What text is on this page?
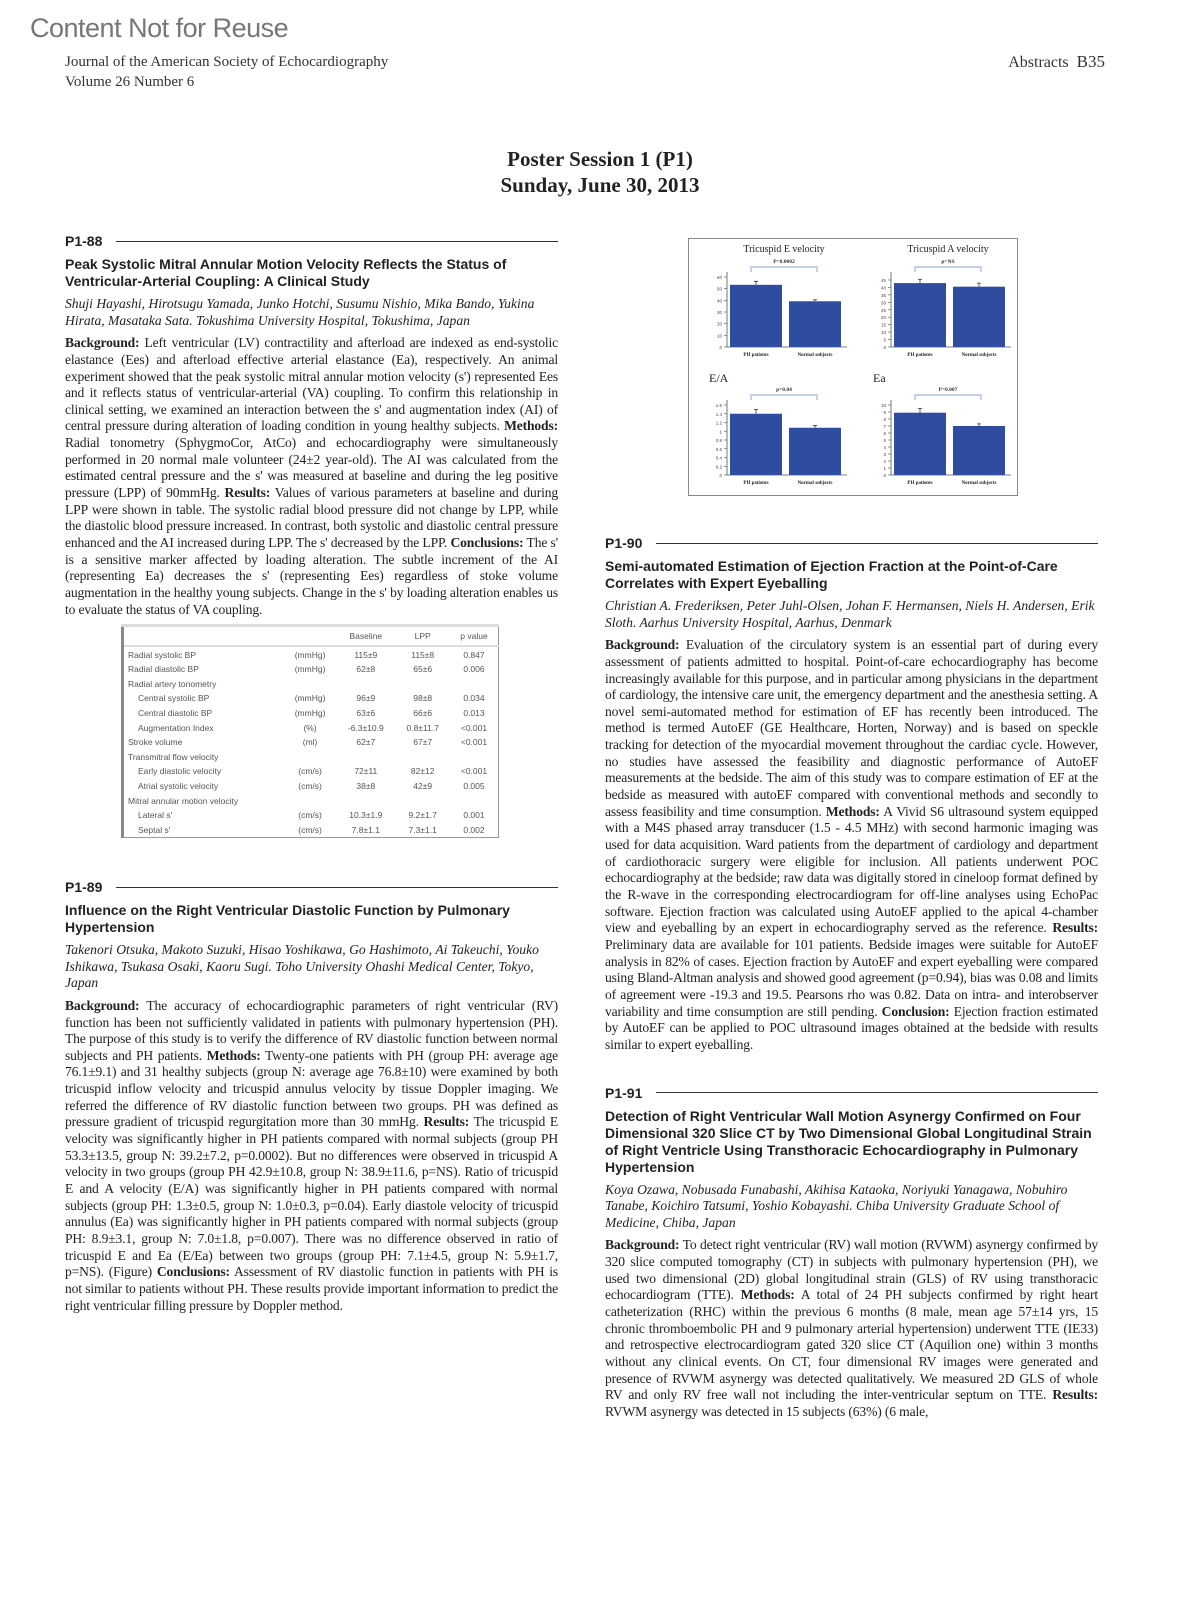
Content Not for Reuse
Journal of the American Society of Echocardiography
Volume 26 Number 6
Abstracts B35
Poster Session 1 (P1)
Sunday, June 30, 2013
P1-88
Peak Systolic Mitral Annular Motion Velocity Reflects the Status of Ventricular-Arterial Coupling: A Clinical Study
Shuji Hayashi, Hirotsugu Yamada, Junko Hotchi, Susumu Nishio, Mika Bando, Yukina Hirata, Masataka Sata. Tokushima University Hospital, Tokushima, Japan
Background: Left ventricular (LV) contractility and afterload are indexed as end-systolic elastance (Ees) and afterload effective arterial elastance (Ea), respectively. An animal experiment showed that the peak systolic mitral annular motion velocity (s') represented Ees and it reflects status of ventricular-arterial (VA) coupling. To confirm this relationship in clinical setting, we examined an interaction between the s' and augmentation index (AI) of central pressure during alteration of loading condition in young healthy subjects. Methods: Radial tonometry (SphygmoCor, AtCo) and echocardiography were simultaneously performed in 20 normal male volunteer (24±2 year-old). The AI was calculated from the estimated central pressure and the s' was measured at baseline and during the leg positive pressure (LPP) of 90mmHg. Results: Values of various parameters at baseline and during LPP were shown in table. The systolic radial blood pressure did not change by LPP, while the diastolic blood pressure increased. In contrast, both systolic and diastolic central pressure enhanced and the AI increased during LPP. The s' decreased by the LPP. Conclusions: The s' is a sensitive marker affected by loading alteration. The subtle increment of the AI (representing Ea) decreases the s' (representing Ees) regardless of stoke volume augmentation in the healthy young subjects. Change in the s' by loading alteration enables us to evaluate the status of VA coupling.
		Baseline	LPP	p value
Radial systolic BP	(mmHg)	115±9	115±8	0.847
Radial diastolic BP	(mmHg)	62±8	65±6	0.006
Radial artery tonometry				
Central systolic BP	(mmHg)	96±9	98±8	0.034
Central diastolic BP	(mmHg)	63±6	66±6	0.013
Augmentation Index	(%)	-6.3±10.9	0.8±11.7	<0.001
Stroke volume	(ml)	62±7	67±7	<0.001
Transmitral flow velocity				
Early diastolic velocity	(cm/s)	72±11	82±12	<0.001
Atrial systolic velocity	(cm/s)	38±8	42±9	0.005
Mitral annular motion velocity				
Lateral s'	(cm/s)	10.3±1.9	9.2±1.7	0.001
Septal s'	(cm/s)	7.8±1.1	7.3±1.1	0.002
P1-89
Influence on the Right Ventricular Diastolic Function by Pulmonary Hypertension
Takenori Otsuka, Makoto Suzuki, Hisao Yoshikawa, Go Hashimoto, Ai Takeuchi, Youko Ishikawa, Tsukasa Osaki, Kaoru Sugi. Toho University Ohashi Medical Center, Tokyo, Japan
Background: The accuracy of echocardiographic parameters of right ventricular (RV) function has been not sufficiently validated in patients with pulmonary hypertension (PH). The purpose of this study is to verify the difference of RV diastolic function between normal subjects and PH patients. Methods: Twenty-one patients with PH (group PH: average age 76.1±9.1) and 31 healthy subjects (group N: average age 76.8±10) were examined by both tricuspid inflow velocity and tricuspid annulus velocity by tissue Doppler imaging. We referred the difference of RV diastolic function between two groups. PH was defined as pressure gradient of tricuspid regurgitation more than 30 mmHg. Results: The tricuspid E velocity was significantly higher in PH patients compared with normal subjects (group PH 53.3±13.5, group N: 39.2±7.2, p=0.0002). But no differences were observed in tricuspid A velocity in two groups (group PH 42.9±10.8, group N: 38.9±11.6, p=NS). Ratio of tricuspid E and A velocity (E/A) was significantly higher in PH patients compared with normal subjects (group PH: 1.3±0.5, group N: 1.0±0.3, p=0.04). Early diastole velocity of tricuspid annulus (Ea) was significantly higher in PH patients compared with normal subjects (group PH: 8.9±3.1, group N: 7.0±1.8, p=0.007). There was no difference observed in ratio of tricuspid E and Ea (E/Ea) between two groups (group PH: 7.1±4.5, group N: 5.9±1.7, p=NS). (Figure) Conclusions: Assessment of RV diastolic function in patients with PH is not similar to patients without PH. These results provide important information to predict the right ventricular filling pressure by Doppler method.
Tricuspid E velocity
P=0.0002
0
10
20
30
40
50
60
PH patients	Normal subjects
Tricuspid A velocity
p=NS
0
5
10
15
20
25
30
35
40
45
PH patients	Normal subjects
E/A
p=0.04
0
0.2
0.4
0.6
0.8
1
1.2
1.4
1.6
PH patients	Normal subjects
Ea
P=0.007
0
1
2
3
4
5
6
7
8
9
10
PH patients	Normal subjects
P1-90
Semi-automated Estimation of Ejection Fraction at the Point-of-Care Correlates with Expert Eyeballing
Christian A. Frederiksen, Peter Juhl-Olsen, Johan F. Hermansen, Niels H. Andersen, Erik Sloth. Aarhus University Hospital, Aarhus, Denmark
Background: Evaluation of the circulatory system is an essential part of during every assessment of patients admitted to hospital. Point-of-care echocardiography has become increasingly available for this purpose, and in particular among physicians in the department of cardiology, the intensive care unit, the emergency department and the anesthesia setting. A novel semi-automated method for estimation of EF has recently been introduced. The method is termed AutoEF (GE Healthcare, Horten, Norway) and is based on speckle tracking for detection of the myocardial movement throughout the cardiac cycle. However, no studies have assessed the feasibility and diagnostic performance of AutoEF measurements at the bedside. The aim of this study was to compare estimation of EF at the bedside as measured with autoEF compared with conventional methods and secondly to assess feasibility and time consumption. Methods: A Vivid S6 ultrasound system equipped with a M4S phased array transducer (1.5 - 4.5 MHz) with second harmonic imaging was used for data acquisition. Ward patients from the department of cardiology and department of cardiothoracic surgery were eligible for inclusion. All patients underwent POC echocardiography at the bedside; raw data was digitally stored in cineloop format defined by the R-wave in the corresponding electrocardiogram for off-line analyses using EchoPac software. Ejection fraction was calculated using AutoEF applied to the apical 4-chamber view and eyeballing by an expert in echocardiography served as the reference. Results: Preliminary data are available for 101 patients. Bedside images were suitable for AutoEF analysis in 82% of cases. Ejection fraction by AutoEF and expert eyeballing were compared using Bland-Altman analysis and showed good agreement (p=0.94), bias was 0.08 and limits of agreement were -19.3 and 19.5. Pearsons rho was 0.82. Data on intra- and interobserver variability and time consumption are still pending. Conclusion: Ejection fraction estimated by AutoEF can be applied to POC ultrasound images obtained at the bedside with results similar to expert eyeballing.
P1-91
Detection of Right Ventricular Wall Motion Asynergy Confirmed on Four Dimensional 320 Slice CT by Two Dimensional Global Longitudinal Strain of Right Ventricle Using Transthoracic Echocardiography in Pulmonary Hypertension
Koya Ozawa, Nobusada Funabashi, Akihisa Kataoka, Noriyuki Yanagawa, Nobuhiro Tanabe, Koichiro Tatsumi, Yoshio Kobayashi. Chiba University Graduate School of Medicine, Chiba, Japan
Background: To detect right ventricular (RV) wall motion (RVWM) asynergy confirmed by 320 slice computed tomography (CT) in subjects with pulmonary hypertension (PH), we used two dimensional (2D) global longitudinal strain (GLS) of RV using transthoracic echocardiogram (TTE). Methods: A total of 24 PH subjects confirmed by right heart catheterization (RHC) within the previous 6 months (8 male, mean age 57±14 yrs, 15 chronic thromboembolic PH and 9 pulmonary arterial hypertension) underwent TTE (IE33) and retrospective electrocardiogram gated 320 slice CT (Aquilion one) within 3 months without any clinical events. On CT, four dimensional RV images were generated and presence of RVWM asynergy was detected qualitatively. We measured 2D GLS of whole RV and only RV free wall not including the inter-ventricular septum on TTE. Results: RVWM asynergy was detected in 15 subjects (63%) (6 male,
